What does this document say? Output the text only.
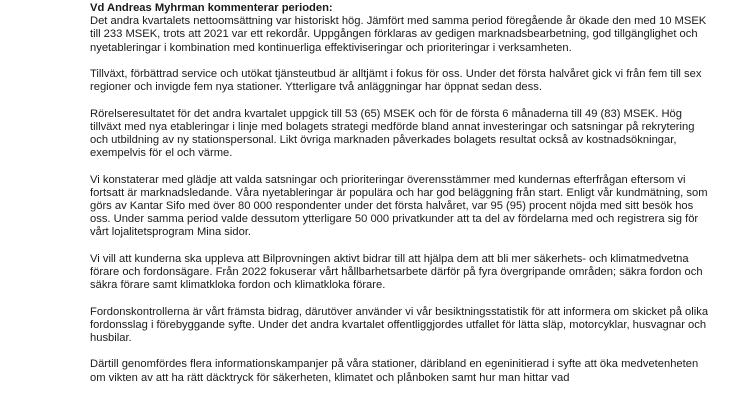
Vd Andreas Myhrman kommenterar perioden:

Det andra kvartalets nettoomsättning var historiskt hög. Jämfört med samma period föregående år ökade den med 10 MSEK till 233 MSEK, trots att 2021 var ett rekordår. Uppgången förklaras av gedigen marknadsbearbetning, god tillgänglighet och nyetableringar i kombination med kontinuerliga effektiviseringar och prioriteringar i verksamheten.

Tillväxt, förbättrad service och utökat tjänsteutbud är alltjämt i fokus för oss. Under det första halvåret gick vi från fem till sex regioner och invigde fem nya stationer. Ytterligare två anläggningar har öppnat sedan dess.

Rörelseresultatet för det andra kvartalet uppgick till 53 (65) MSEK och för de första 6 månaderna till 49 (83) MSEK. Hög tillväxt med nya etableringar i linje med bolagets strategi medförde bland annat investeringar och satsningar på rekrytering och utbildning av ny stationspersonal. Likt övriga marknaden påverkades bolagets resultat också av kostnadsökningar, exempelvis för el och värme.

Vi konstaterar med glädje att valda satsningar och prioriteringar överensstämmer med kundernas efterfrågan eftersom vi fortsatt är marknadsledande. Våra nyetableringar är populära och har god beläggning från start. Enligt vår kundmätning, som görs av Kantar Sifo med över 80 000 respondenter under det första halvåret, var 95 (95) procent nöjda med sitt besök hos oss. Under samma period valde dessutom ytterligare 50 000 privatkunder att ta del av fördelarna med och registrera sig för vårt lojalitetsprogram Mina sidor.

Vi vill att kunderna ska uppleva att Bilprovningen aktivt bidrar till att hjälpa dem att bli mer säkerhets- och klimatmedvetna förare och fordonsägare. Från 2022 fokuserar vårt hållbarhetsarbete därför på fyra övergripande områden; säkra fordon och säkra förare samt klimatkloka fordon och klimatkloka förare.

Fordonskontrollerna är vårt främsta bidrag, därutöver använder vi vår besiktningsstatistik för att informera om skicket på olika fordonsslag i förebyggande syfte. Under det andra kvartalet offentliggjordes utfallet för lätta släp, motorcyklar, husvagnar och husbilar.

Därtill genomfördes flera informationskampanjer på våra stationer, däribland en egeninitierad i syfte att öka medvetenheten om vikten av att ha rätt däcktryck för säkerheten, klimatet och plånboken samt hur man hittar vad
